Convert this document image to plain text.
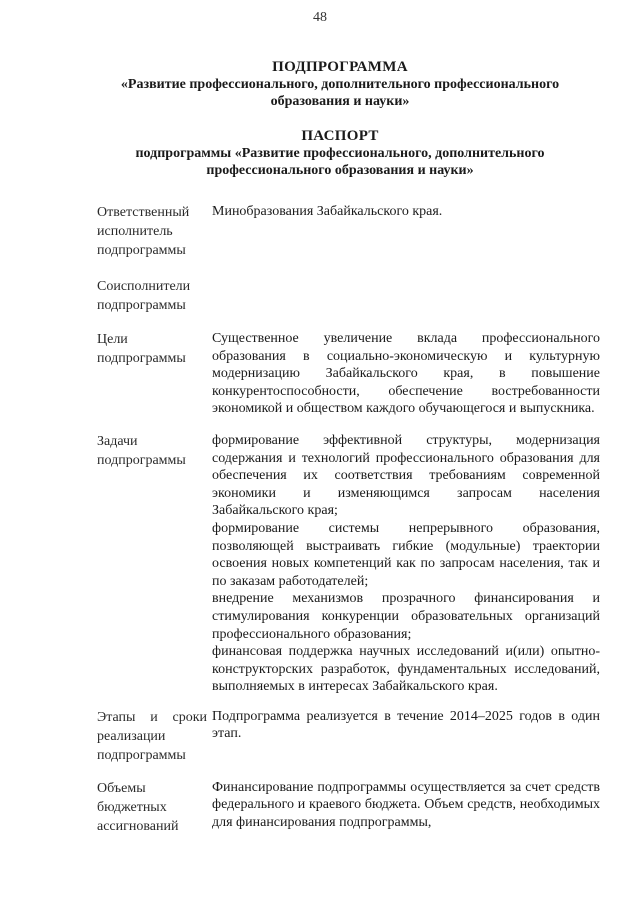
48
ПОДПРОГРАММА
«Развитие профессионального, дополнительного профессионального
образования и науки»
ПАСПОРТ
подпрограммы «Развитие профессионального, дополнительного
профессионального образования и науки»
Ответственный исполнитель подпрограммы

Минобразования Забайкальского края.

Соисполнители подпрограммы
Цели подпрограммы

Существенное увеличение вклада профессионального образования в социально-экономическую и культурную модернизацию Забайкальского края, в повышение конкурентоспособности, обеспечение востребованности экономикой и обществом каждого обучающегося и выпускника.

Задачи подпрограммы

формирование эффективной структуры, модернизация содержания и технологий профессионального образования для обеспечения их соответствия требованиям современной экономики и изменяющимся запросам населения Забайкальского края;

формирование системы непрерывного образования, позволяющей выстраивать гибкие (модульные) траектории освоения новых компетенций как по запросам населения, так и по заказам работодателей;

внедрение механизмов прозрачного финансирования и стимулирования конкуренции образовательных организаций профессионального образования;

финансовая поддержка научных исследований и(или) опытно-конструкторских разработок, фундаментальных исследований, выполняемых в интересах Забайкальского края.

Этапы и сроки реализации подпрограммы

Подпрограмма реализуется в течение 2014–2025 годов в один этап.

Объемы бюджетных ассигнований

Финансирование подпрограммы осуществляется за счет средств федерального и краевого бюджета. Объем средств, необходимых для финансирования подпрограммы,
